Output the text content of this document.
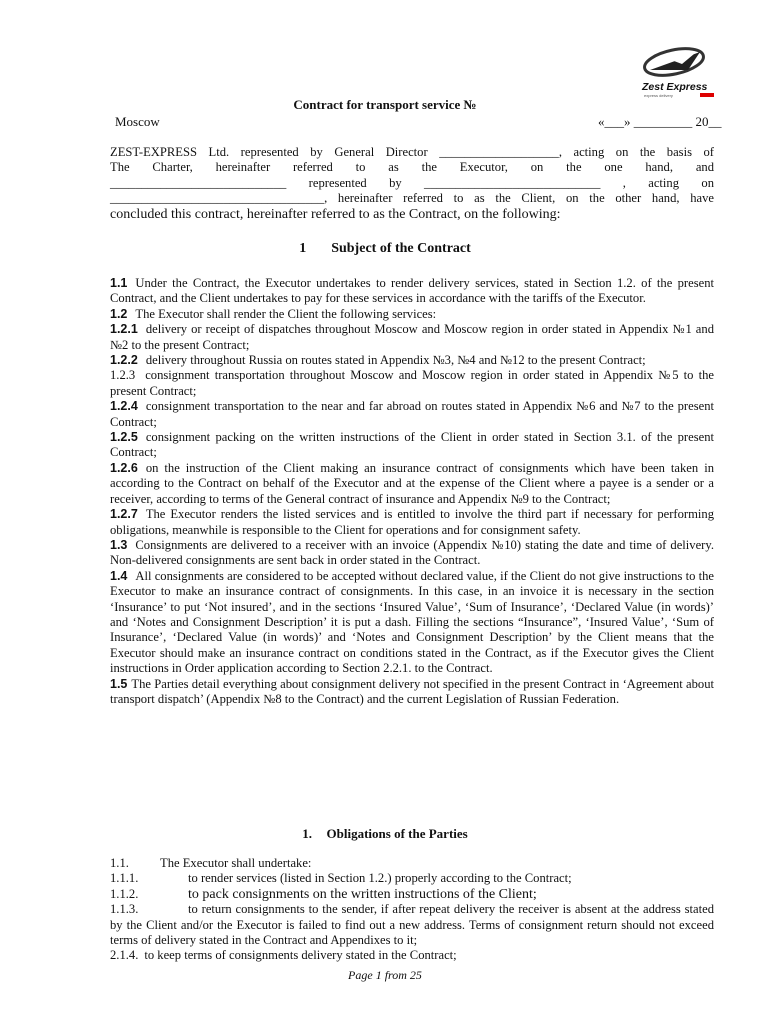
Zest Express
express delivery
Contract for transport service №
Moscow	«___» _________ 20__
ZEST-EXPRESS Ltd. represented by General Director ___________________, acting on the basis of
The Charter, hereinafter referred to as the Executor, on the one hand, and
____________________________ represented by ____________________________ , acting on
__________________________________, hereinafter referred to as the Client, on the other hand, have
concluded this contract, hereinafter referred to as the Contract, on the following:
1 Subject of the Contract
1.1 Under the Contract, the Executor undertakes to render delivery services, stated in Section 1.2. of the present Contract, and the Client undertakes to pay for these services in accordance with the tariffs of the Executor.
1.2 The Executor shall render the Client the following services:
1.2.1 delivery or receipt of dispatches throughout Moscow and Moscow region in order stated in Appendix №1 and №2 to the present Contract;
1.2.2 delivery throughout Russia on routes stated in Appendix №3, №4 and №12 to the present Contract;
1.2.3 consignment transportation throughout Moscow and Moscow region in order stated in Appendix №5 to the present Contract;
1.2.4 consignment transportation to the near and far abroad on routes stated in Appendix №6 and №7 to the present Contract;
1.2.5 consignment packing on the written instructions of the Client in order stated in Section 3.1. of the present Contract;
1.2.6 on the instruction of the Client making an insurance contract of consignments which have been taken in according to the Contract on behalf of the Executor and at the expense of the Client where a payee is a sender or a receiver, according to terms of the General contract of insurance and Appendix №9 to the Contract;
1.2.7 The Executor renders the listed services and is entitled to involve the third part if necessary for performing obligations, meanwhile is responsible to the Client for operations and for consignment safety.
1.3 Consignments are delivered to a receiver with an invoice (Appendix №10) stating the date and time of delivery. Non-delivered consignments are sent back in order stated in the Contract.
1.4 All consignments are considered to be accepted without declared value, if the Client do not give instructions to the Executor to make an insurance contract of consignments. In this case, in an invoice it is necessary in the section ‘Insurance’ to put ‘Not insured’, and in the sections ‘Insured Value’, ‘Sum of Insurance’, ‘Declared Value (in words)’ and ‘Notes and Consignment Description’ it is put a dash. Filling the sections “Insurance”, ‘Insured Value’, ‘Sum of Insurance’, ‘Declared Value (in words)’ and ‘Notes and Consignment Description’ by the Client means that the Executor should make an insurance contract on conditions stated in the Contract, as if the Executor gives the Client instructions in Order application according to Section 2.2.1. to the Contract.
1.5 The Parties detail everything about consignment delivery not specified in the present Contract in ‘Agreement about transport dispatch’ (Appendix №8 to the Contract) and the current Legislation of Russian Federation.
1. Obligations of the Parties
1.1. The Executor shall undertake:
1.1.1.	to render services (listed in Section 1.2.) properly according to the Contract;
1.1.2.	to pack consignments on the written instructions of the Client;
1.1.3.	to return consignments to the sender, if after repeat delivery the receiver is absent at the address stated by the Client and/or the Executor is failed to find out a new address. Terms of consignment return should not exceed terms of delivery stated in the Contract and Appendixes to it;
2.1.4. to keep terms of consignments delivery stated in the Contract;
Page 1 from 25
